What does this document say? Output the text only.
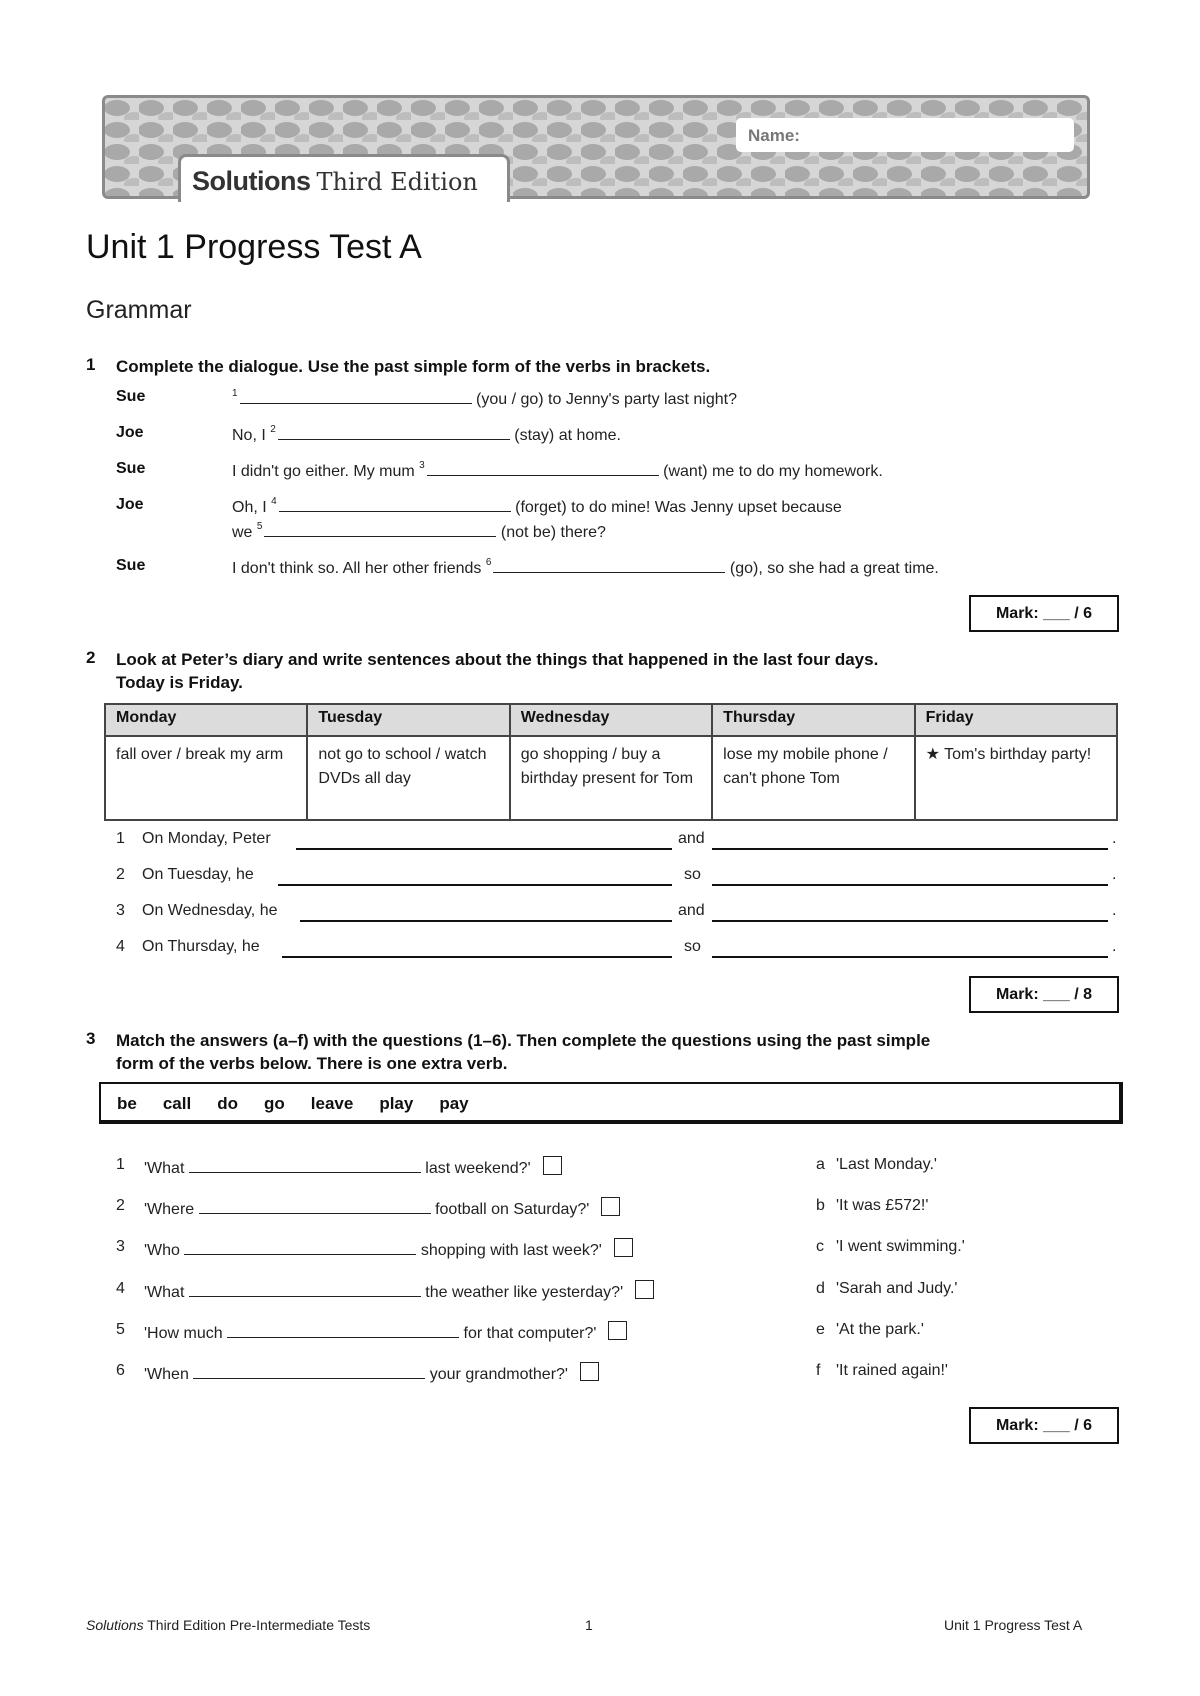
Name:
Solutions Third Edition
Unit 1 Progress Test A
Grammar
1 Complete the dialogue. Use the past simple form of the verbs in brackets.
Sue	$^1$	(you / go) to Jenny's party last night?
Joe	No, I $^2$	(stay) at home.
Sue	I didn't go either. My mum $^3$	(want) me to do my homework.
Joe	Oh, I $^4$	(forget) to do mine! Was Jenny upset because
we $^5$	(not be) there?
Sue	I don't think so. All her other friends $^6$	(go), so she had a great time.
Mark: ___ / 6
2 Look at Peter’s diary and write sentences about the things that happened in the last four days.
Today is Friday.
Monday	Tuesday	Wednesday	Thursday	Friday
fall over / break my arm	not go to school / watch DVDs all day	go shopping / buy a birthday present for Tom	lose my mobile phone / can't phone Tom	★ Tom's birthday party!
1 On Monday, Peter	and	.
2 On Tuesday, he	so	.
3 On Wednesday, he	and	.
4 On Thursday, he	so	.
Mark: ___ / 8
3 Match the answers (a–f) with the questions (1–6). Then complete the questions using the past simple
form of the verbs below. There is one extra verb.
be call do go leave play pay
1 'What	last weekend?'
2 'Where	football on Saturday?'
3 'Who	shopping with last week?'
4 'What	the weather like yesterday?'
5 'How much	for that computer?'
6 'When	your grandmother?'
a 'Last Monday.'
b 'It was £572!'
c 'I went swimming.'
d 'Sarah and Judy.'
e 'At the park.'
f 'It rained again!'
Mark: ___ / 6
Solutions Third Edition Pre-Intermediate Tests	1	Unit 1 Progress Test A
